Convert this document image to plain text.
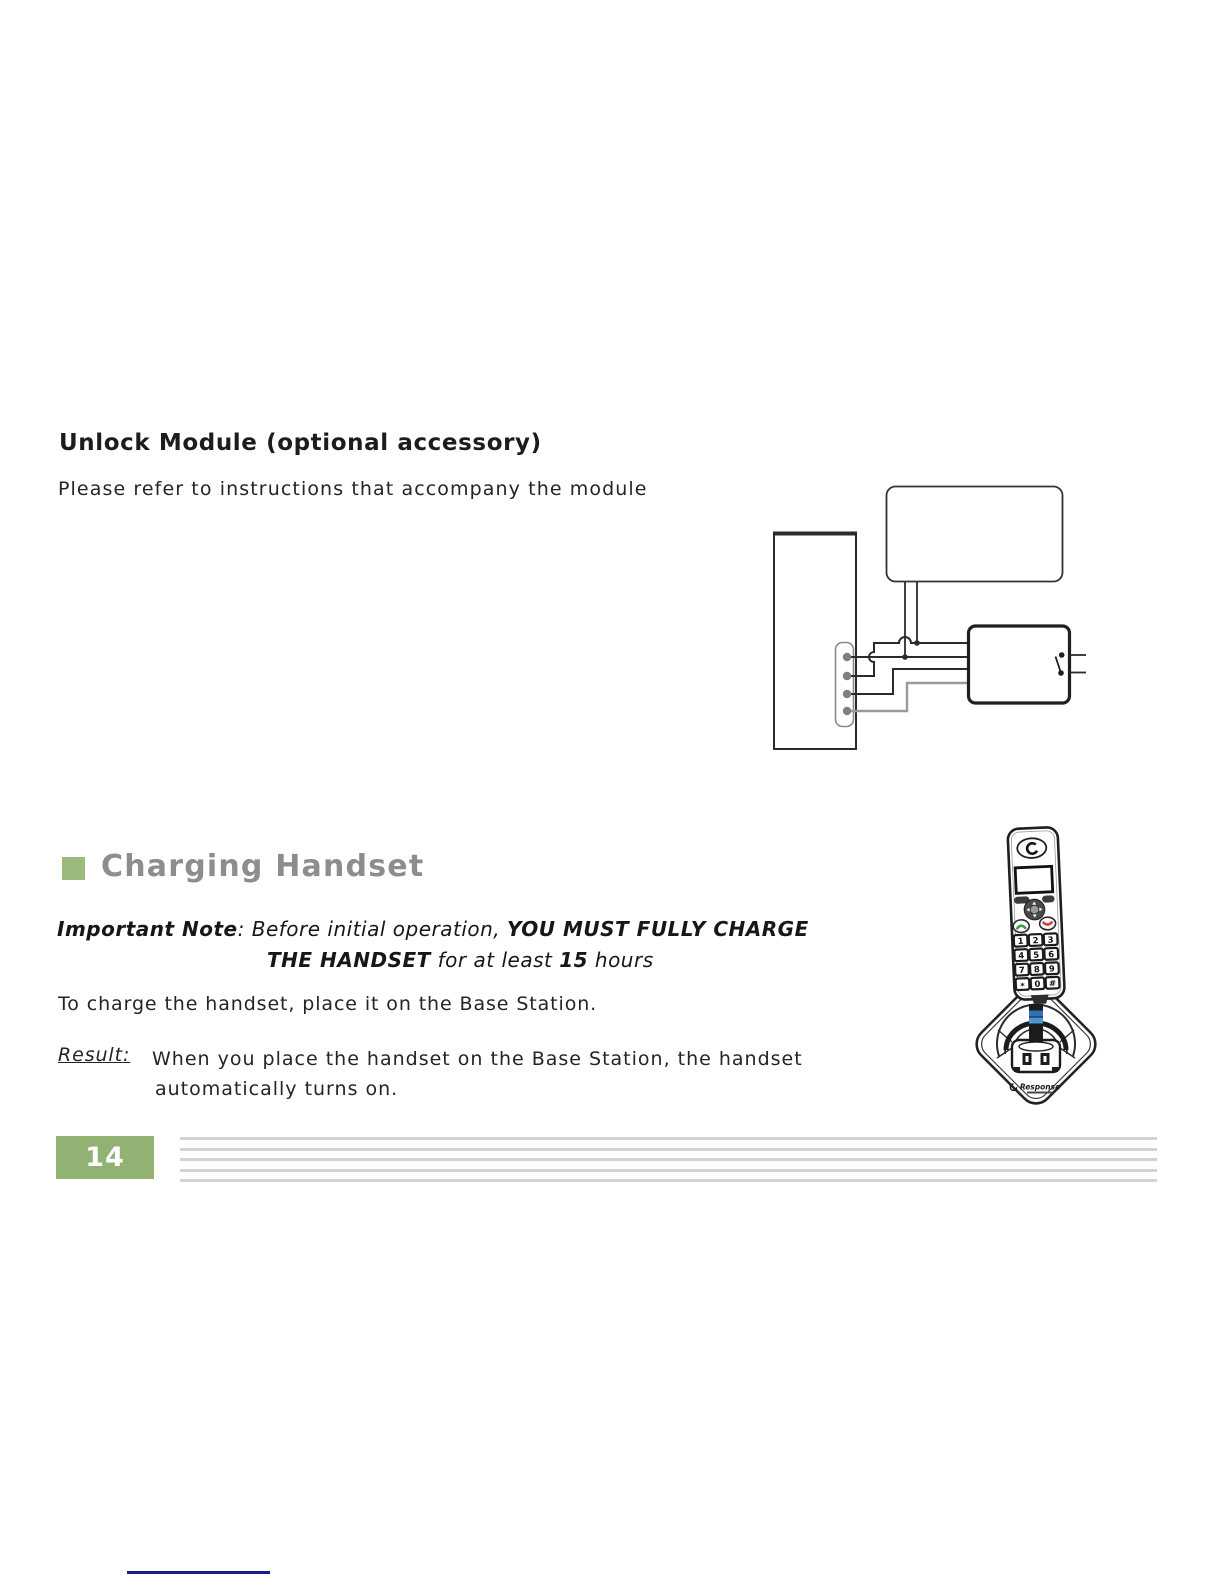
Unlock Module (optional accessory)
Please refer to instructions that accompany the module
Charging Handset
Important Note: Before initial operation, YOU MUST FULLY CHARGE
THE HANDSET for at least 15 hours
To charge the handset, place it on the Base Station.
Result: When you place the handset on the Base Station, the handset
automatically turns on.
1 2 3
4 5 6
7 8 9
* 0 #
Response
14
